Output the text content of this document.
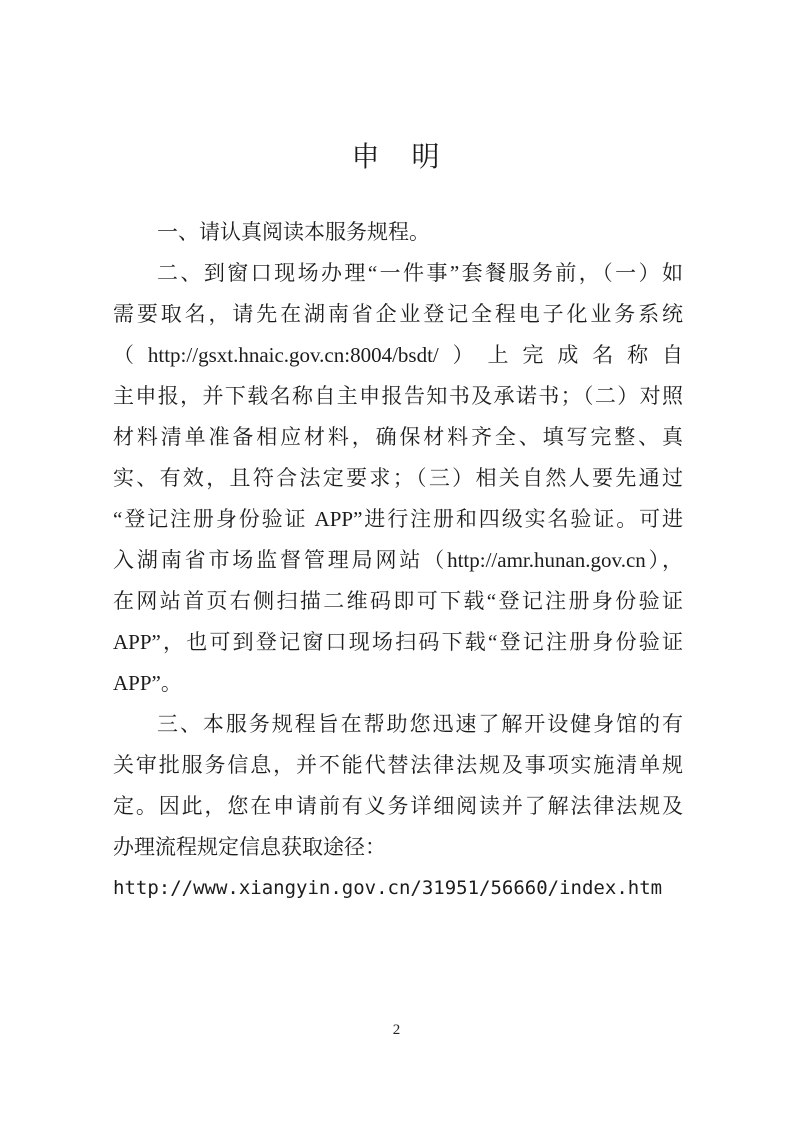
申　明
一、请认真阅读本服务规程。
二、到窗口现场办理“一件事”套餐服务前，（一）如
需要取名，请先在湖南省企业登记全程电子化业务系统
（http://gsxt.hnaic.gov.cn:8004/bsdt/）上完成名称自
主申报，并下载名称自主申报告知书及承诺书；（二）对照
材料清单准备相应材料，确保材料齐全、填写完整、真
实、有效，且符合法定要求；（三）相关自然人要先通过
“登记注册身份验证 APP”进行注册和四级实名验证。可进
入湖南省市场监督管理局网站（http://amr.hunan.gov.cn），
在网站首页右侧扫描二维码即可下载“登记注册身份验证
APP”，也可到登记窗口现场扫码下载“登记注册身份验证
APP”。
三、本服务规程旨在帮助您迅速了解开设健身馆的有
关审批服务信息，并不能代替法律法规及事项实施清单规
定。因此，您在申请前有义务详细阅读并了解法律法规及
办理流程规定信息获取途径：
http://www.xiangyin.gov.cn/31951/56660/index.htm
2
